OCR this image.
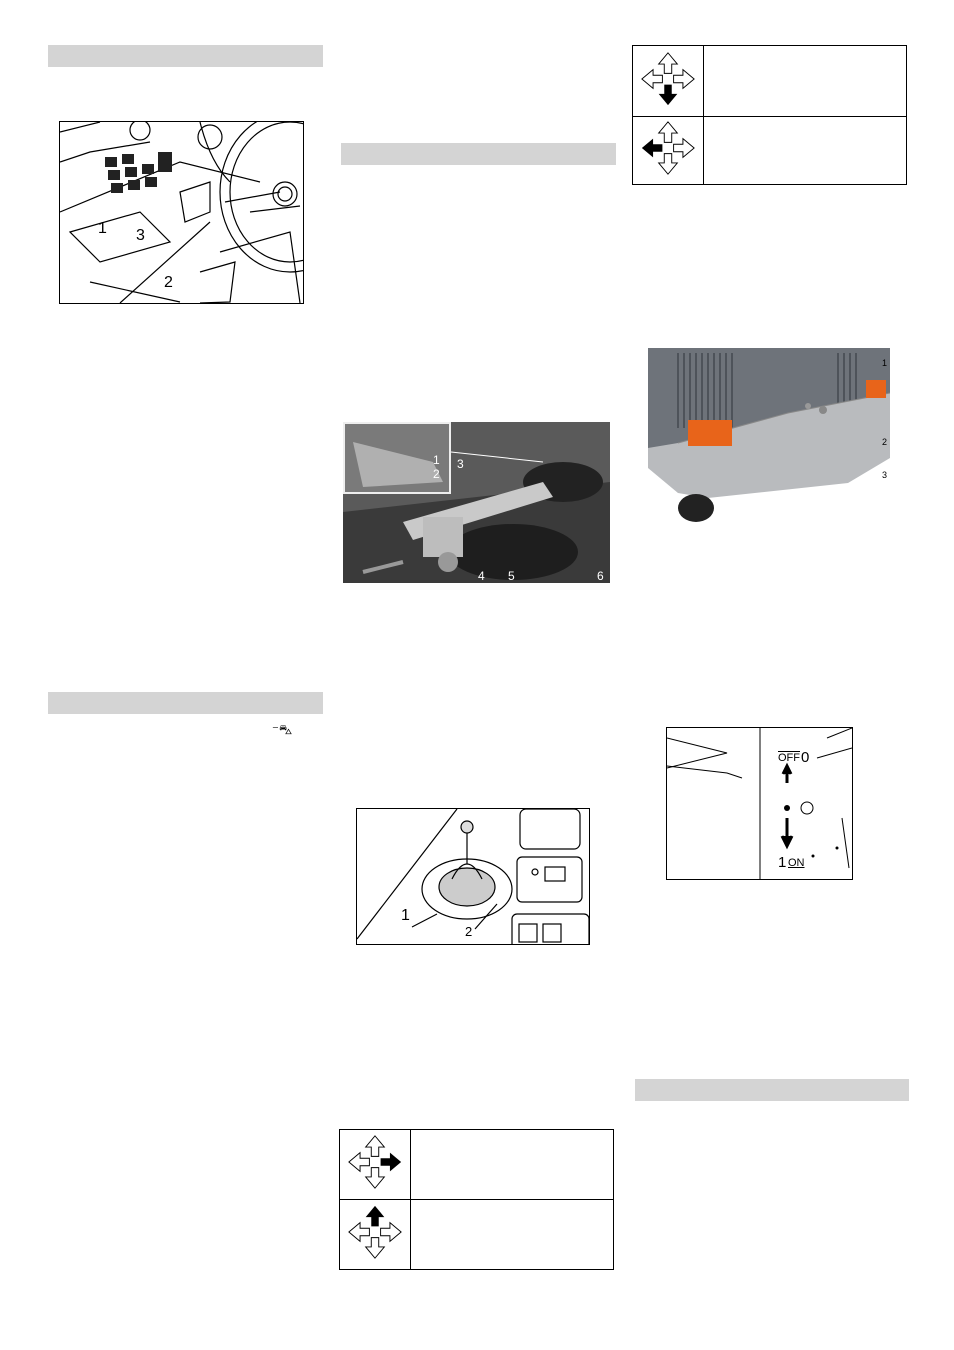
1 3
2
⁻⛍
1
2
3
4 5	6
1
2

1
2
3
$\overline{OFF}$ 0
1 ON
